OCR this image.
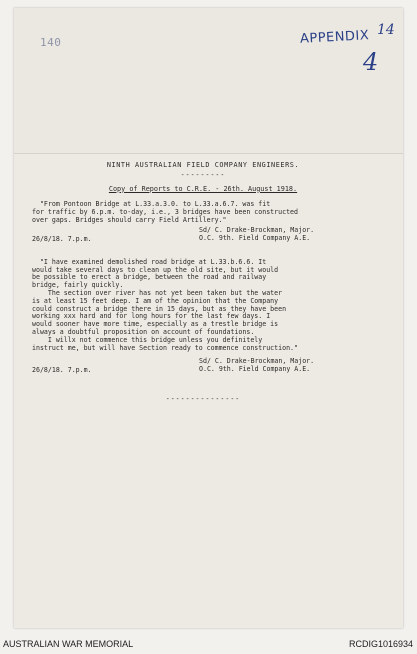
140	APPENDIX 14
4
NINTH AUSTRALIAN FIELD COMPANY ENGINEERS.
---------
Copy of Reports to C.R.E. - 26th. August 1918.

"From Pontoon Bridge at L.33.a.3.0. to L.33.a.6.7. was fit

for traffic by 6.p.m. to-day, i.e., 3 bridges have been constructed

over gaps. Bridges should carry Field Artillery."

Sd/ C. Drake-Brockman, Major.
O.C. 9th. Field Company A.E.
26/8/18. 7.p.m.

"I have examined demolished road bridge at L.33.b.6.6. It

would take several days to clean up the old site, but it would

be possible to erect a bridge, between the road and railway

bridge, fairly quickly.

The section over river has not yet been taken but the water

is at least 15 feet deep. I am of the opinion that the Company

could construct a bridge there in 15 days, but as they have been

working xxx hard and for long hours for the last few days. I

would sooner have more time, especially as a trestle bridge is

always a doubtful proposition on account of foundations.

I willx not commence this bridge unless you definitely

instruct me, but will have Section ready to commence construction."

Sd/ C. Drake-Brockman, Major.
O.C. 9th. Field Company A.E.
26/8/18. 7.p.m.
---------------
AUSTRALIAN WAR MEMORIAL	RCDIG1016934
